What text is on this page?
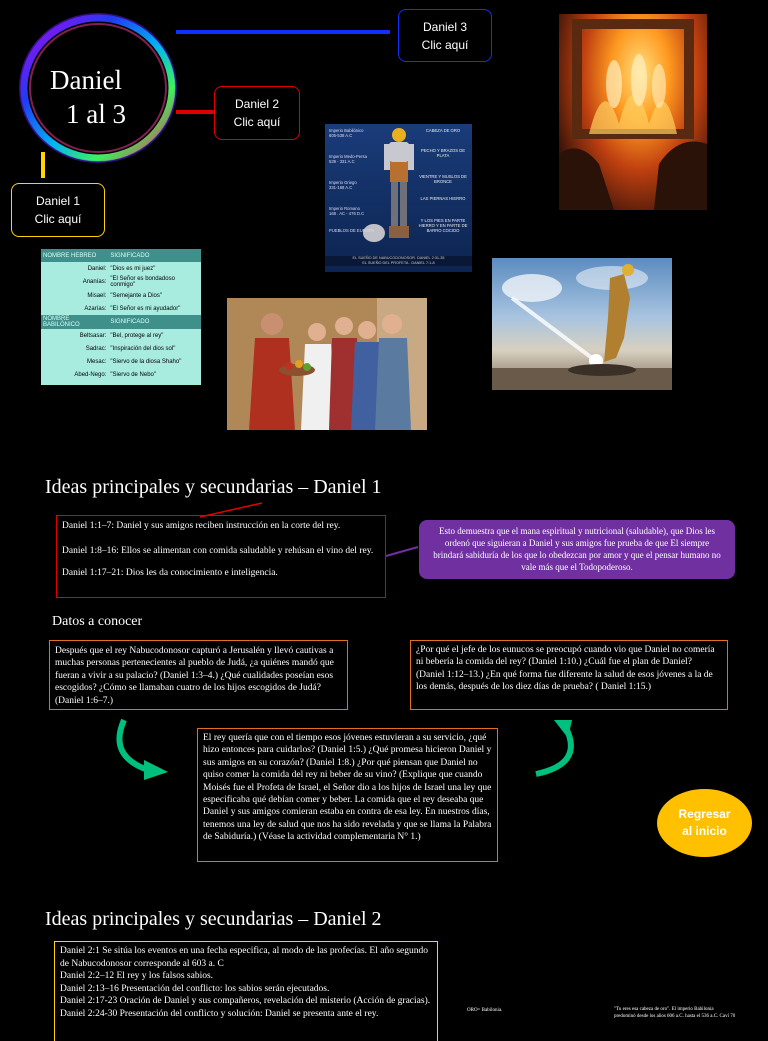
Daniel
1 al 3
Daniel 1
Clic aquí
Daniel 2
Clic aquí
Daniel 3
Clic aquí
Imperio Babilónico
605-538 A.C
Imperio Medo-Persa
539 - 331 A.C
Imperio Griego
331-168 A.C
Imperio Romano
168 . AC - 476 D.C
PUEBLOS DE EUROPA
CABEZA DE ORO
PECHO Y BRAZOS DE PLATA
VIENTRE Y MUSLOS DE BRONCE
LAS PIERNAS HIERRO
Y LOS PIES EN PARTE HIERRO Y EN PARTE DE BARRO COCIDO
EL SUEÑO DE NABUCODONOSOR. DANIEL 2:31-35
EL SUEÑO DEL PROFETA . DANIEL 7:1-8
NOMBRE HEBREO	SIGNIFICADO
Daniel:	"Dios es mi juez"
Ananías:	"El Señor es bondadoso conmigo"
Misael:	"Semejante a Dios"
Azarías:	"El Señor es mi ayudador"
NOMBRE BABILÓNICO	SIGNIFICADO
Beltsasar:	"Bel, protege al rey"
Sadrac:	"Inspiración del dios sol"
Mesac:	"Siervo de la diosa Shaho"
Abed-Nego:	"Siervo de Nebo"
Ideas principales y secundarias – Daniel 1
Daniel 1:1–7: Daniel y sus amigos reciben instrucción en la corte del rey.
Daniel 1:8–16: Ellos se alimentan con comida saludable y rehúsan el vino del rey.
Daniel 1:17–21: Dios les da conocimiento e inteligencia.
Esto demuestra que el mana espiritual y nutricional (saludable), que Dios les ordenó que siguieran a Daniel y sus amigos fue prueba de que El siempre brindará sabiduría de los que lo obedezcan por amor y que el pensar humano no vale más que el Todopoderoso.
Datos a conocer
Después que el rey Nabucodonosor capturó a Jerusalén y llevó cautivas a muchas personas pertenecientes al pueblo de Judá, ¿a quiénes mandó que fueran a vivir a su palacio? (Daniel 1:3–4.) ¿Qué cualidades poseían esos escogidos? ¿Cómo se llamaban cuatro de los hijos escogidos de Judá? (Daniel 1:6–7.)
¿Por qué el jefe de los eunucos se preocupó cuando vio que Daniel no comería ni bebería la comida del rey? (Daniel 1:10.) ¿Cuál fue el plan de Daniel? (Daniel 1:12–13.) ¿En qué forma fue diferente la salud de esos jóvenes a la de los demás, después de los diez días de prueba? ( Daniel 1:15.)
El rey quería que con el tiempo esos jóvenes estuvieran a su servicio, ¿qué hizo entonces para cuidarlos? (Daniel 1:5.) ¿Qué promesa hicieron Daniel y sus amigos en su corazón? (Daniel 1:8.) ¿Por qué piensan que Daniel no quiso comer la comida del rey ni beber de su vino? (Explique que cuando Moisés fue el Profeta de Israel, el Señor dio a los hijos de Israel una ley que especificaba qué debían comer y beber. La comida que el rey deseaba que Daniel y sus amigos comieran estaba en contra de esa ley. En nuestros días, tenemos una ley de salud que nos ha sido revelada y que se llama la Palabra de Sabiduría.) (Véase la actividad complementaria N° 1.)
Regresar
al inicio
Ideas principales y secundarias – Daniel 2
Daniel 2:1 Se sitúa los eventos en una fecha especifica, al modo de las profecías. El año segundo de Nabucodonosor corresponde al 603 a. C
Daniel 2:2–12 El rey y los falsos sabios.
Daniel 2:13–16 Presentación del conflicto: los sabios serán ejecutados.
Daniel 2:17-23 Oración de Daniel y sus compañeros, revelación del misterio (Acción de gracias).
Daniel 2:24-30 Presentación del conflicto y solución: Daniel se presenta ante el rey.	ORO= Babilonia.	"Tu eres esa cabeza de oro". El imperio Babilonia
predominó desde los años 606 a.C. hasta el 536 a.C. Caví 70
